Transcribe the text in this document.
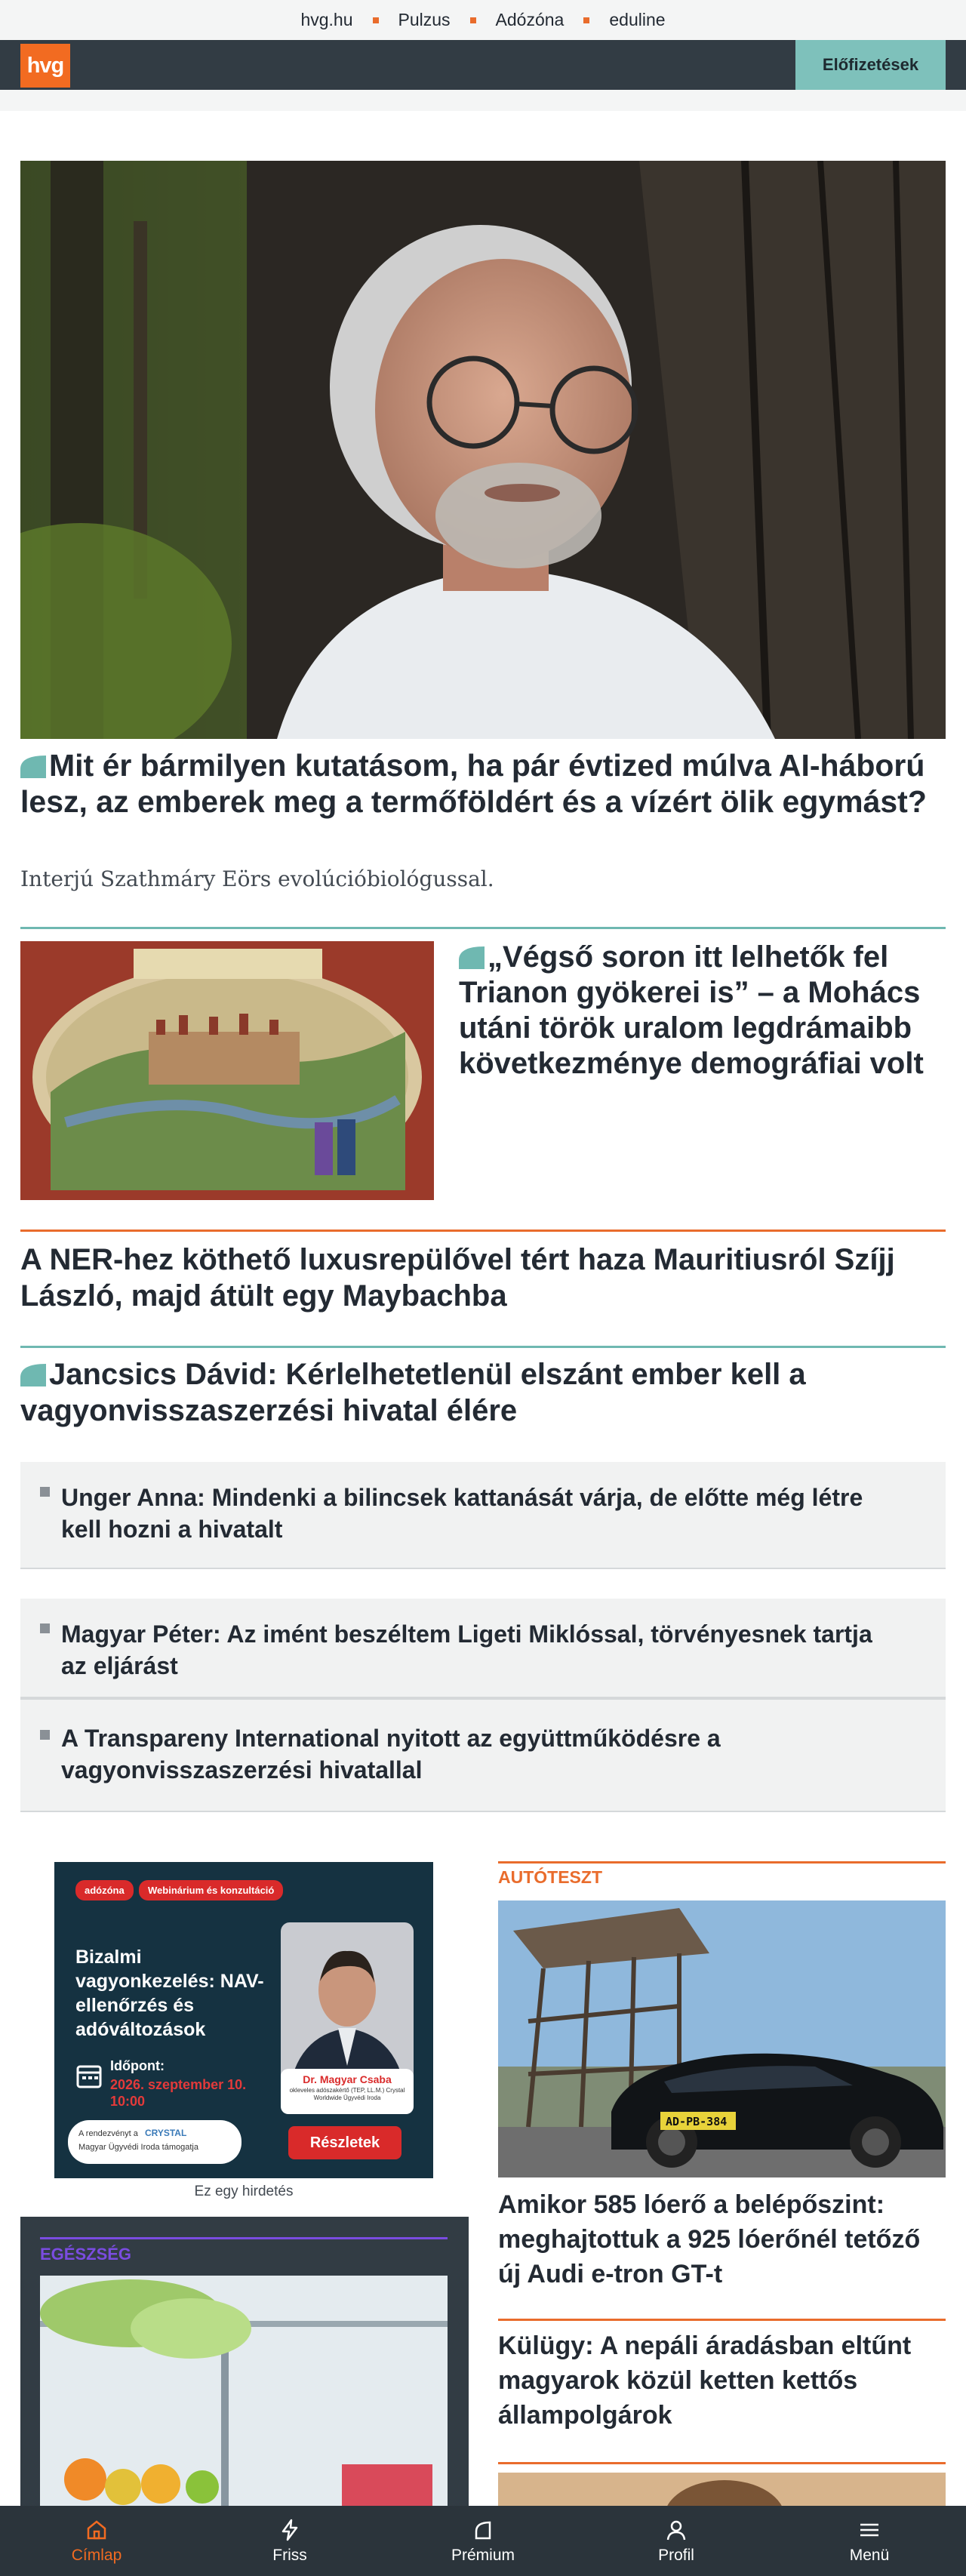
hvg.hu	Pulzus	Adózóna	eduline
hvg	Előfizetések
Mit ér bármilyen kutatásom, ha pár évtized múlva AI-háború lesz, az emberek meg a termőföldért és a vízért ölik egymást?

Interjú Szathmáry Eörs evolúcióbiológussal.

„Végső soron itt lelhetők fel Trianon gyökerei is” – a Mohács utáni török uralom legdrámaibb következménye demográfiai volt
A NER-hez köthető luxusrepülővel tért haza Mauritiusról Szíjj László, majd átült egy Maybachba
Jancsics Dávid: Kérlelhetetlenül elszánt ember kell a vagyonvisszaszerzési hivatal élére
Unger Anna: Mindenki a bilincsek kattanását várja, de előtte még létre kell hozni a hivatalt
Magyar Péter: Az imént beszéltem Ligeti Miklóssal, törvényesnek tartja az eljárást
A Transpareny International nyitott az együttműködésre a vagyonvisszaszerzési hivatallal
adózóna	Webinárium és konzultáció
Bizalmi vagyonkezelés: NAV-ellenőrzés és adóváltozások
Időpont:
2026. szeptember 10. 10:00
Dr. Magyar Csaba
okleveles adószakértő (TEP, LL.M.) Crystal Worldwide Ügyvédi Iroda
A rendezvényt a CRYSTAL
Magyar Ügyvédi Iroda támogatja	Részletek
Ez egy hirdetés
EGÉSZSÉG
AUTÓTESZT
AD-PB-384
Amikor 585 lóerő a belépőszint: meghajtottuk a 925 lóerőnél tetőző új Audi e-tron GT-t
Külügy: A nepáli áradásban eltűnt magyarok közül ketten kettős állampolgárok
Címlap	Friss	Prémium	Profil	Menü
